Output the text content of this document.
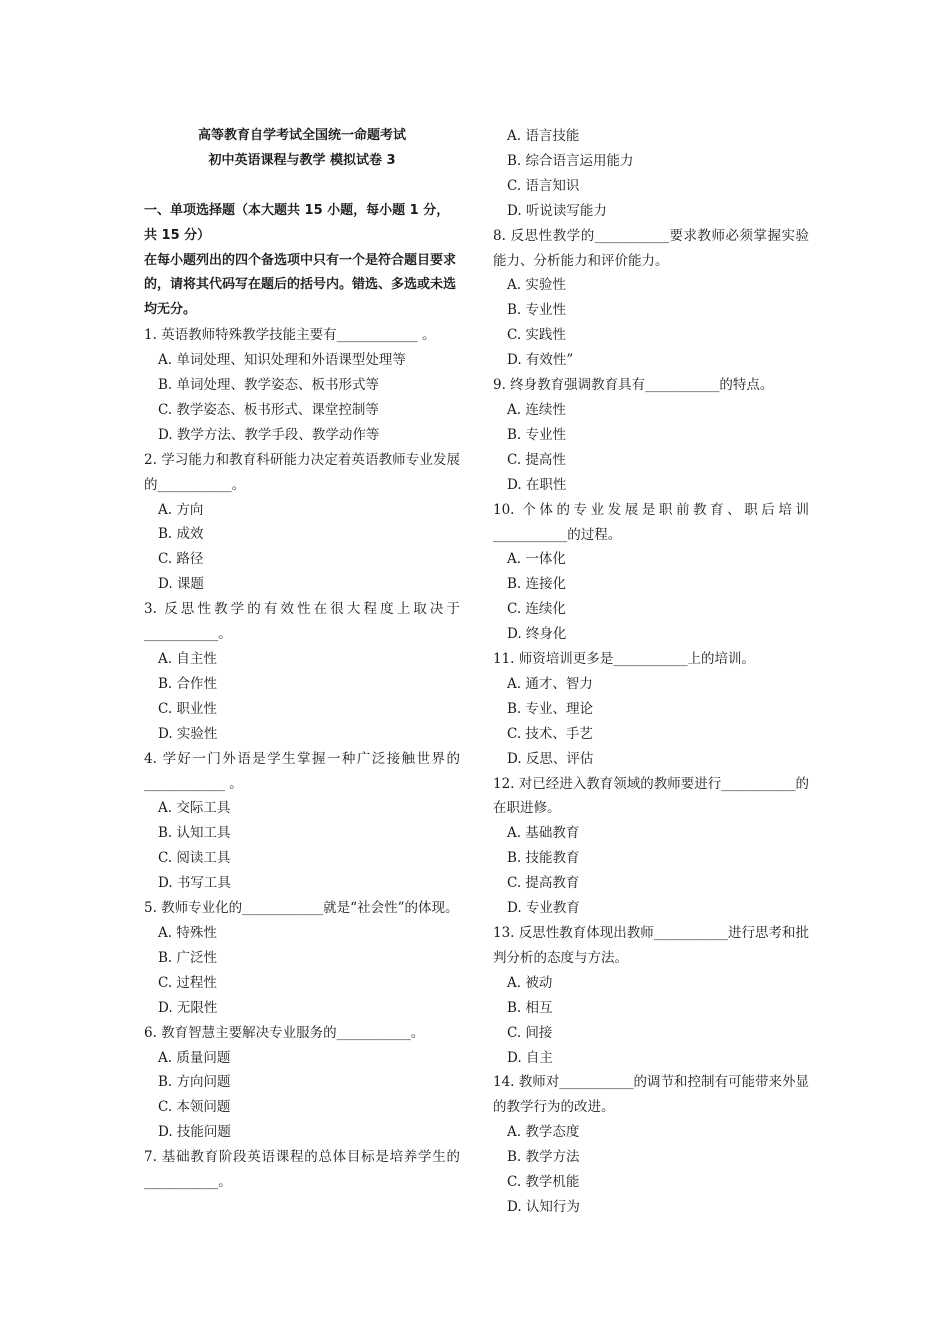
高等教育自学考试全国统一命题考试
初中英语课程与教学 模拟试卷 3
一、单项选择题（本大题共 15 小题，每小题 1 分，共 15 分）
在每小题列出的四个备选项中只有一个是符合题目要求的，请将其代码写在题后的括号内。错选、多选或未选均无分。
1. 英语教师特殊教学技能主要有____________ 。
A. 单词处理、知识处理和外语课型处理等
B. 单词处理、教学姿态、板书形式等
C. 教学姿态、板书形式、课堂控制等
D. 教学方法、教学手段、教学动作等
2. 学习能力和教育科研能力决定着英语教师专业发展的___________。
A. 方向
B. 成效
C. 路径
D. 课题
3. 反思性教学的有效性在很大程度上取决于___________。
A. 自主性
B. 合作性
C. 职业性
D. 实验性
4. 学好一门外语是学生掌握一种广泛接触世界的____________ 。
A. 交际工具
B. 认知工具
C. 阅读工具
D. 书写工具
5. 教师专业化的____________就是“社会性”的体现。
A. 特殊性
B. 广泛性
C. 过程性
D. 无限性
6. 教育智慧主要解决专业服务的___________。
A. 质量问题
B. 方向问题
C. 本领问题
D. 技能问题
7. 基础教育阶段英语课程的总体目标是培养学生的___________。
A. 语言技能
B. 综合语言运用能力
C. 语言知识
D. 听说读写能力
8. 反思性教学的___________要求教师必须掌握实验能力、分析能力和评价能力。
A. 实验性
B. 专业性
C. 实践性
D. 有效性”
9. 终身教育强调教育具有___________的特点。
A. 连续性
B. 专业性
C. 提高性
D. 在职性
10. 个体的专业发展是职前教育、职后培训___________的过程。
A. 一体化
B. 连接化
C. 连续化
D. 终身化
11. 师资培训更多是___________上的培训。
A. 通才、智力
B. 专业、理论
C. 技术、手艺
D. 反思、评估
12. 对已经进入教育领域的教师要进行___________的在职进修。
A. 基础教育
B. 技能教育
C. 提高教育
D. 专业教育
13. 反思性教育体现出教师___________进行思考和批判分析的态度与方法。
A. 被动
B. 相互
C. 间接
D. 自主
14. 教师对___________的调节和控制有可能带来外显的教学行为的改进。
A. 教学态度
B. 教学方法
C. 教学机能
D. 认知行为
